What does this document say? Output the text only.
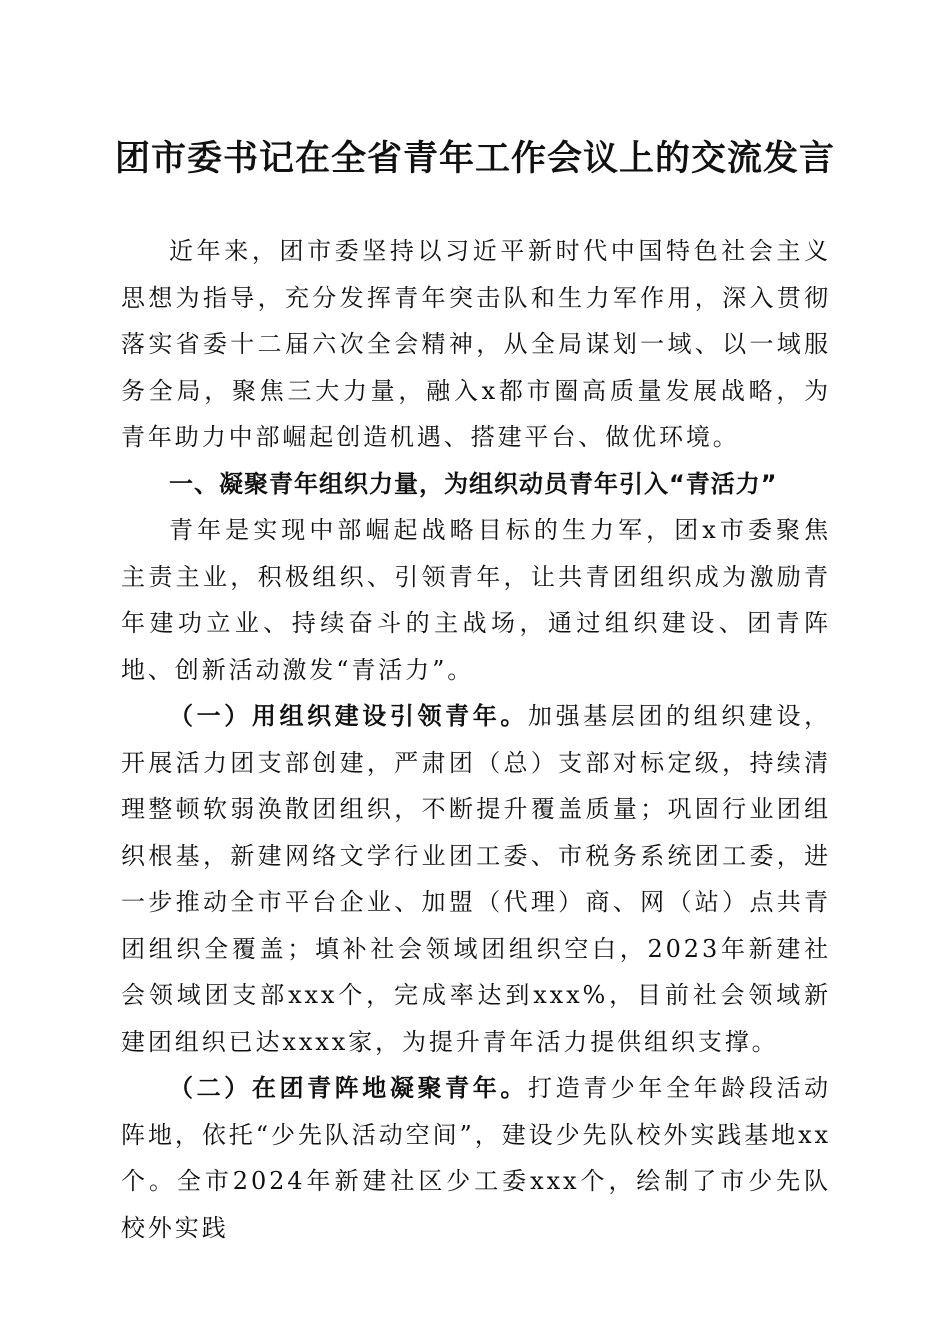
团市委书记在全省青年工作会议上的交流发言

近年来，团市委坚持以习近平新时代中国特色社会主义思想为指导，充分发挥青年突击队和生力军作用，深入贯彻落实省委十二届六次全会精神，从全局谋划一域、以一域服务全局，聚焦三大力量，融入x都市圈高质量发展战略，为青年助力中部崛起创造机遇、搭建平台、做优环境。

一、凝聚青年组织力量，为组织动员青年引入“青活力”

青年是实现中部崛起战略目标的生力军，团x市委聚焦主责主业，积极组织、引领青年，让共青团组织成为激励青年建功立业、持续奋斗的主战场，通过组织建设、团青阵地、创新活动激发“青活力”。

（一）用组织建设引领青年。加强基层团的组织建设，开展活力团支部创建，严肃团（总）支部对标定级，持续清理整顿软弱涣散团组织，不断提升覆盖质量；巩固行业团组织根基，新建网络文学行业团工委、市税务系统团工委，进一步推动全市平台企业、加盟（代理）商、网（站）点共青团组织全覆盖；填补社会领域团组织空白，2023年新建社会领域团支部xxx个，完成率达到xxx%，目前社会领域新建团组织已达xxxx家，为提升青年活力提供组织支撑。

（二）在团青阵地凝聚青年。打造青少年全年龄段活动阵地，依托“少先队活动空间”，建设少先队校外实践基地xx个。全市2024年新建社区少工委xxx个，绘制了市少先队校外实践
